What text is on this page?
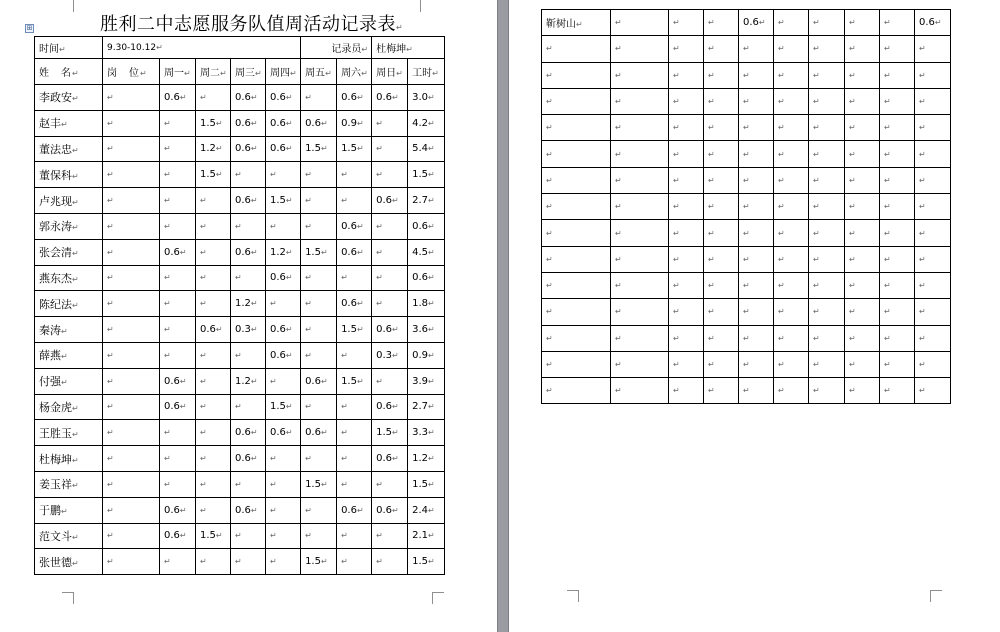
⊞	胜利二中志愿服务队值周活动记录表↵
时间↵	9.30-10.12↵					记录员↵		杜梅坤↵	
姓　名↵	岗　位↵	周一↵	周二↵	周三↵	周四↵	周五↵	周六↵	周日↵	工时↵
李政安↵	↵	0.6↵	↵	0.6↵	0.6↵	↵	0.6↵	0.6↵	3.0↵
赵丰↵	↵	↵	1.5↵	0.6↵	0.6↵	0.6↵	0.9↵	↵	4.2↵
董法忠↵	↵	↵	1.2↵	0.6↵	0.6↵	1.5↵	1.5↵	↵	5.4↵
董保科↵	↵	↵	1.5↵	↵	↵	↵	↵	↵	1.5↵
卢兆现↵	↵	↵	↵	0.6↵	1.5↵	↵	↵	0.6↵	2.7↵
郭永涛↵	↵	↵	↵	↵	↵	↵	0.6↵	↵	0.6↵
张会清↵	↵	0.6↵	↵	0.6↵	1.2↵	1.5↵	0.6↵	↵	4.5↵
燕东杰↵	↵	↵	↵	↵	0.6↵	↵	↵	↵	0.6↵
陈纪法↵	↵	↵	↵	1.2↵	↵	↵	0.6↵	↵	1.8↵
秦涛↵	↵	↵	0.6↵	0.3↵	0.6↵	↵	1.5↵	0.6↵	3.6↵
薛燕↵	↵	↵	↵	↵	0.6↵	↵	↵	0.3↵	0.9↵
付强↵	↵	0.6↵	↵	1.2↵	↵	0.6↵	1.5↵	↵	3.9↵
杨金虎↵	↵	0.6↵	↵	↵	1.5↵	↵	↵	0.6↵	2.7↵
王胜玉↵	↵	↵	↵	0.6↵	0.6↵	0.6↵	↵	1.5↵	3.3↵
杜梅坤↵	↵	↵	↵	0.6↵	↵	↵	↵	0.6↵	1.2↵
姜玉祥↵	↵	↵	↵	↵	↵	1.5↵	↵	↵	1.5↵
于鹏↵	↵	0.6↵	↵	0.6↵	↵	↵	0.6↵	0.6↵	2.4↵
范文斗↵	↵	0.6↵	1.5↵	↵	↵	↵	↵	↵	2.1↵
张世德↵	↵	↵	↵	↵	↵	1.5↵	↵	↵	1.5↵
靳树山↵	↵	↵	↵	0.6↵	↵	↵	↵	↵	0.6↵
↵	↵	↵	↵	↵	↵	↵	↵	↵	↵
↵	↵	↵	↵	↵	↵	↵	↵	↵	↵
↵	↵	↵	↵	↵	↵	↵	↵	↵	↵
↵	↵	↵	↵	↵	↵	↵	↵	↵	↵
↵	↵	↵	↵	↵	↵	↵	↵	↵	↵
↵	↵	↵	↵	↵	↵	↵	↵	↵	↵
↵	↵	↵	↵	↵	↵	↵	↵	↵	↵
↵	↵	↵	↵	↵	↵	↵	↵	↵	↵
↵	↵	↵	↵	↵	↵	↵	↵	↵	↵
↵	↵	↵	↵	↵	↵	↵	↵	↵	↵
↵	↵	↵	↵	↵	↵	↵	↵	↵	↵
↵	↵	↵	↵	↵	↵	↵	↵	↵	↵
↵	↵	↵	↵	↵	↵	↵	↵	↵	↵
↵	↵	↵	↵	↵	↵	↵	↵	↵	↵
